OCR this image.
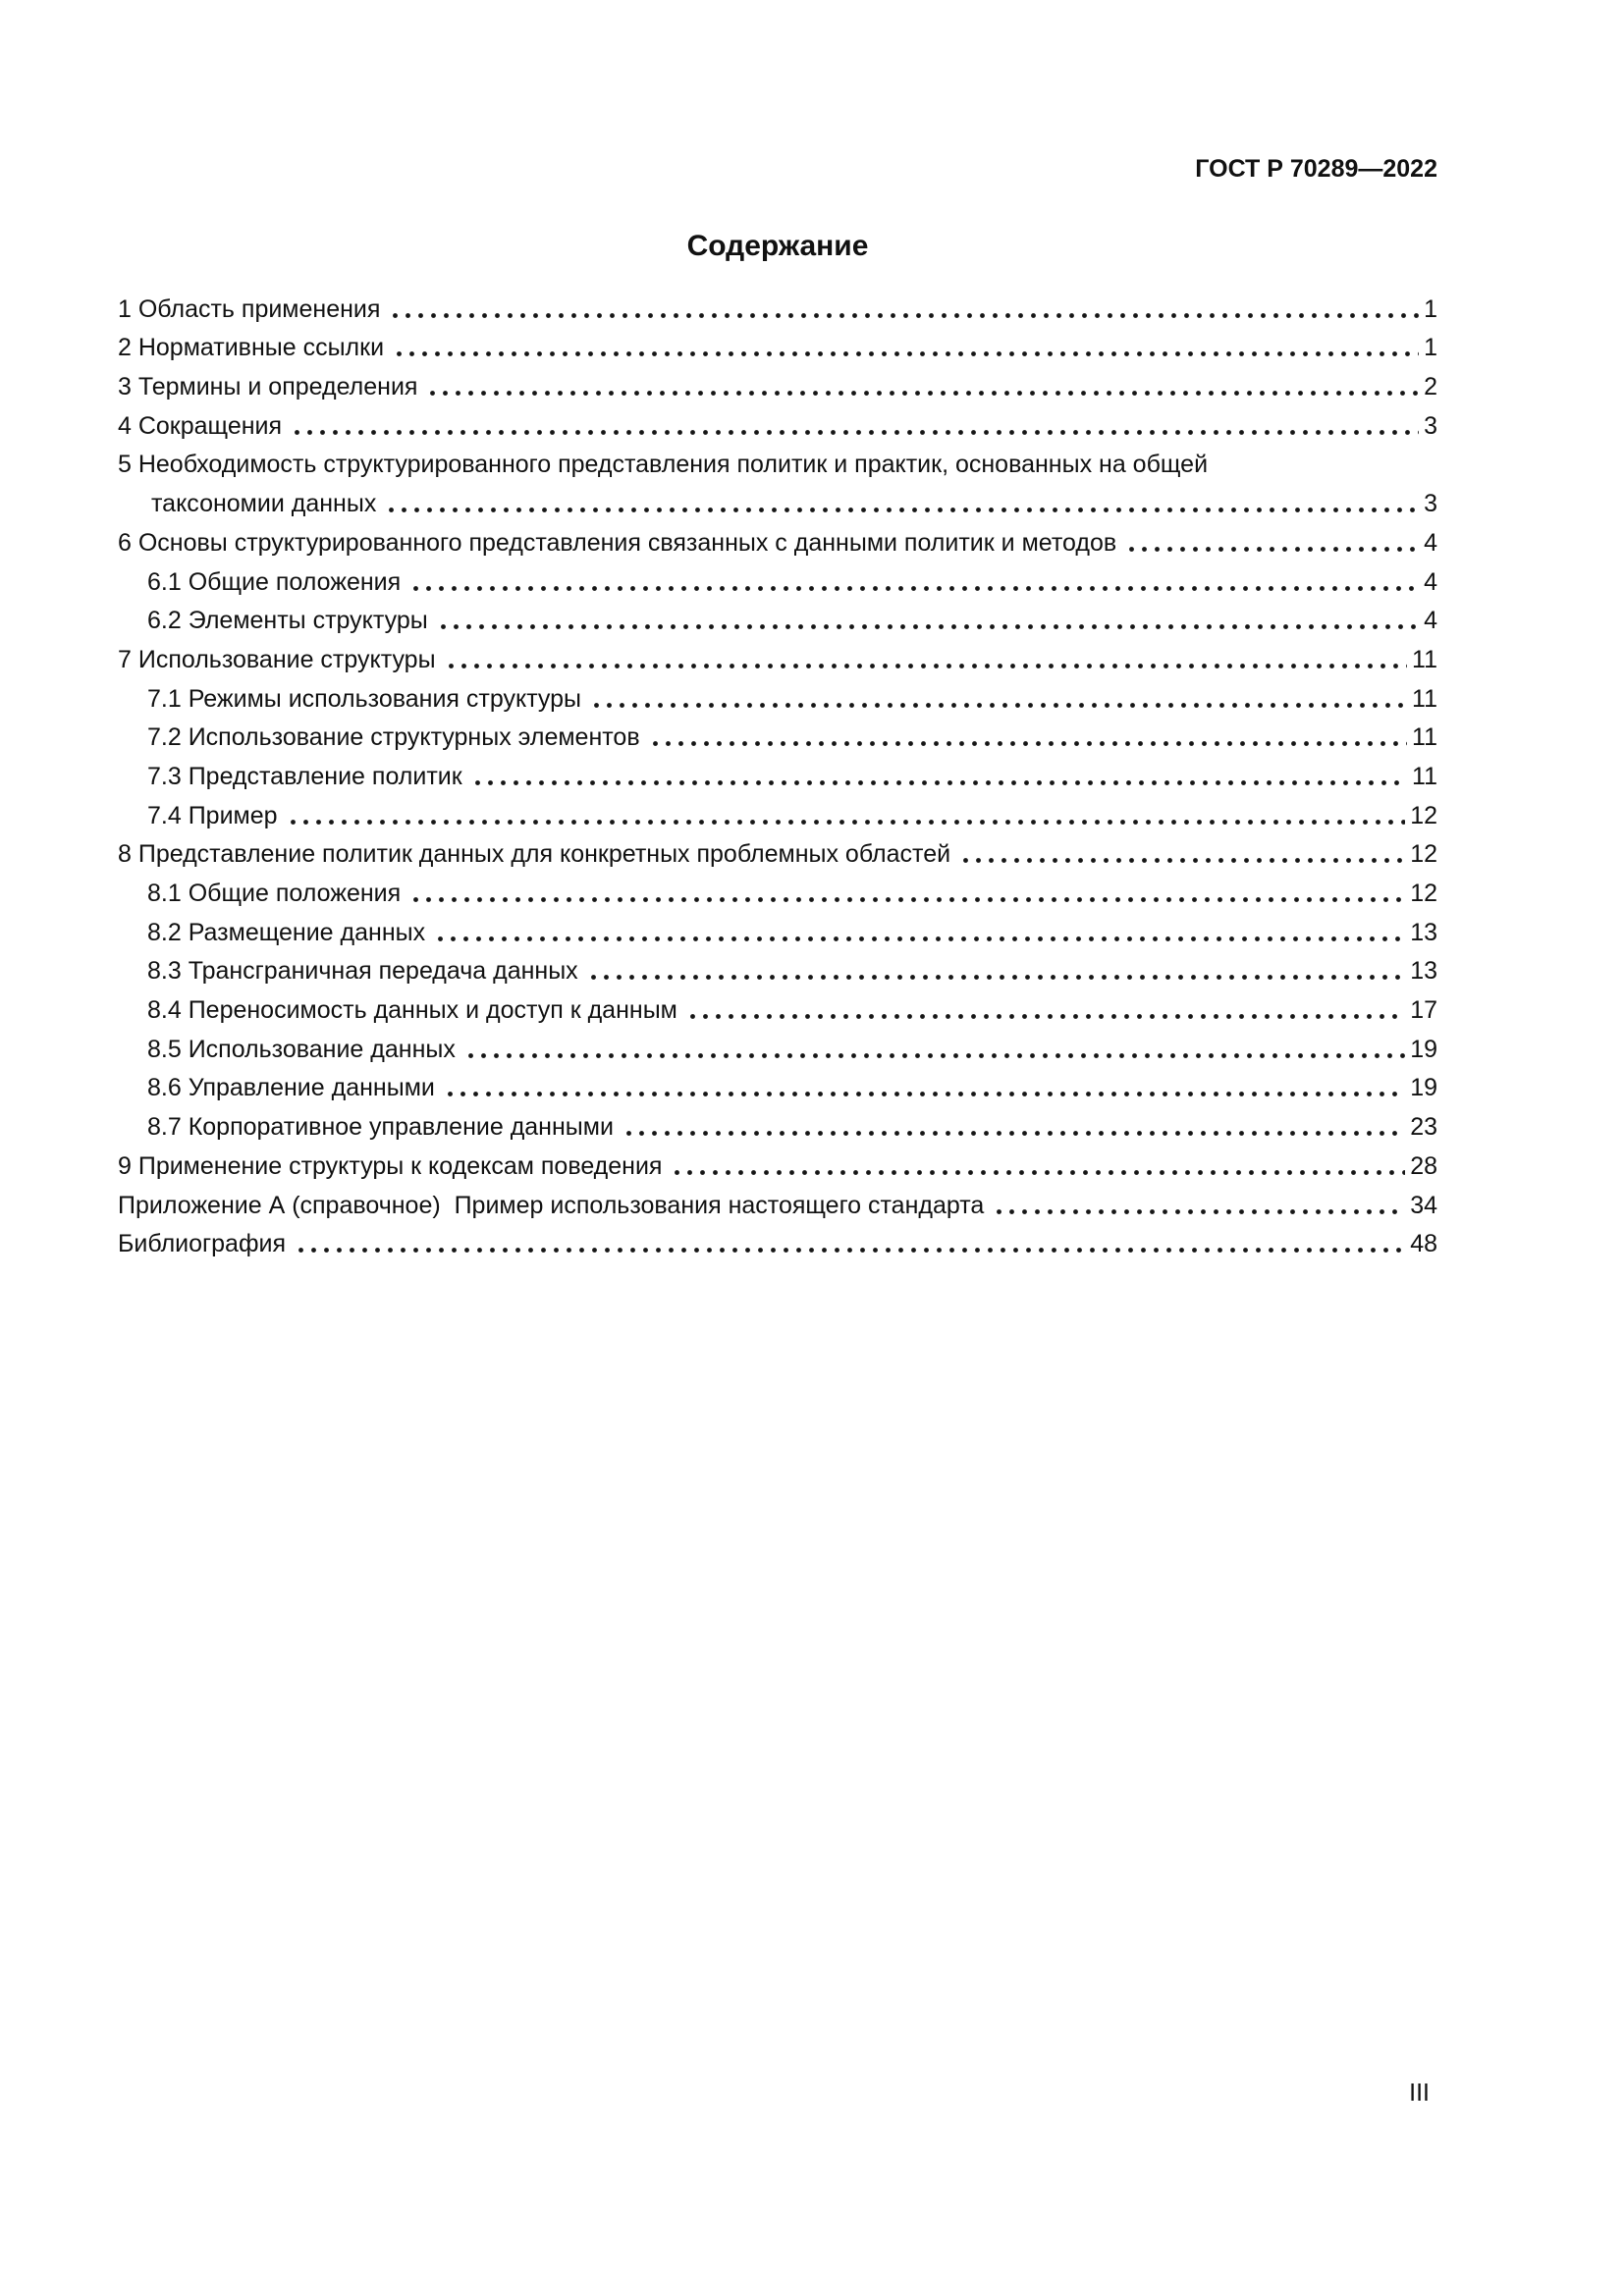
ГОСТ Р 70289—2022
Содержание
1 Область применения	1
2 Нормативные ссылки	1
3 Термины и определения	2
4 Сокращения	3
5 Необходимость структурированного представления политик и практик, основанных на общей
таксономии данных	3
6 Основы структурированного представления связанных с данными политик и методов	4
6.1 Общие положения	4
6.2 Элементы структуры	4
7 Использование структуры	11
7.1 Режимы использования структуры	11
7.2 Использование структурных элементов	11
7.3 Представление политик	11
7.4 Пример	12
8 Представление политик данных для конкретных проблемных областей	12
8.1 Общие положения	12
8.2 Размещение данных	13
8.3 Трансграничная передача данных	13
8.4 Переносимость данных и доступ к данным	17
8.5 Использование данных	19
8.6 Управление данными	19
8.7 Корпоративное управление данными	23
9 Применение структуры к кодексам поведения	28
Приложение А (справочное)  Пример использования настоящего стандарта	34
Библиография	48
III
